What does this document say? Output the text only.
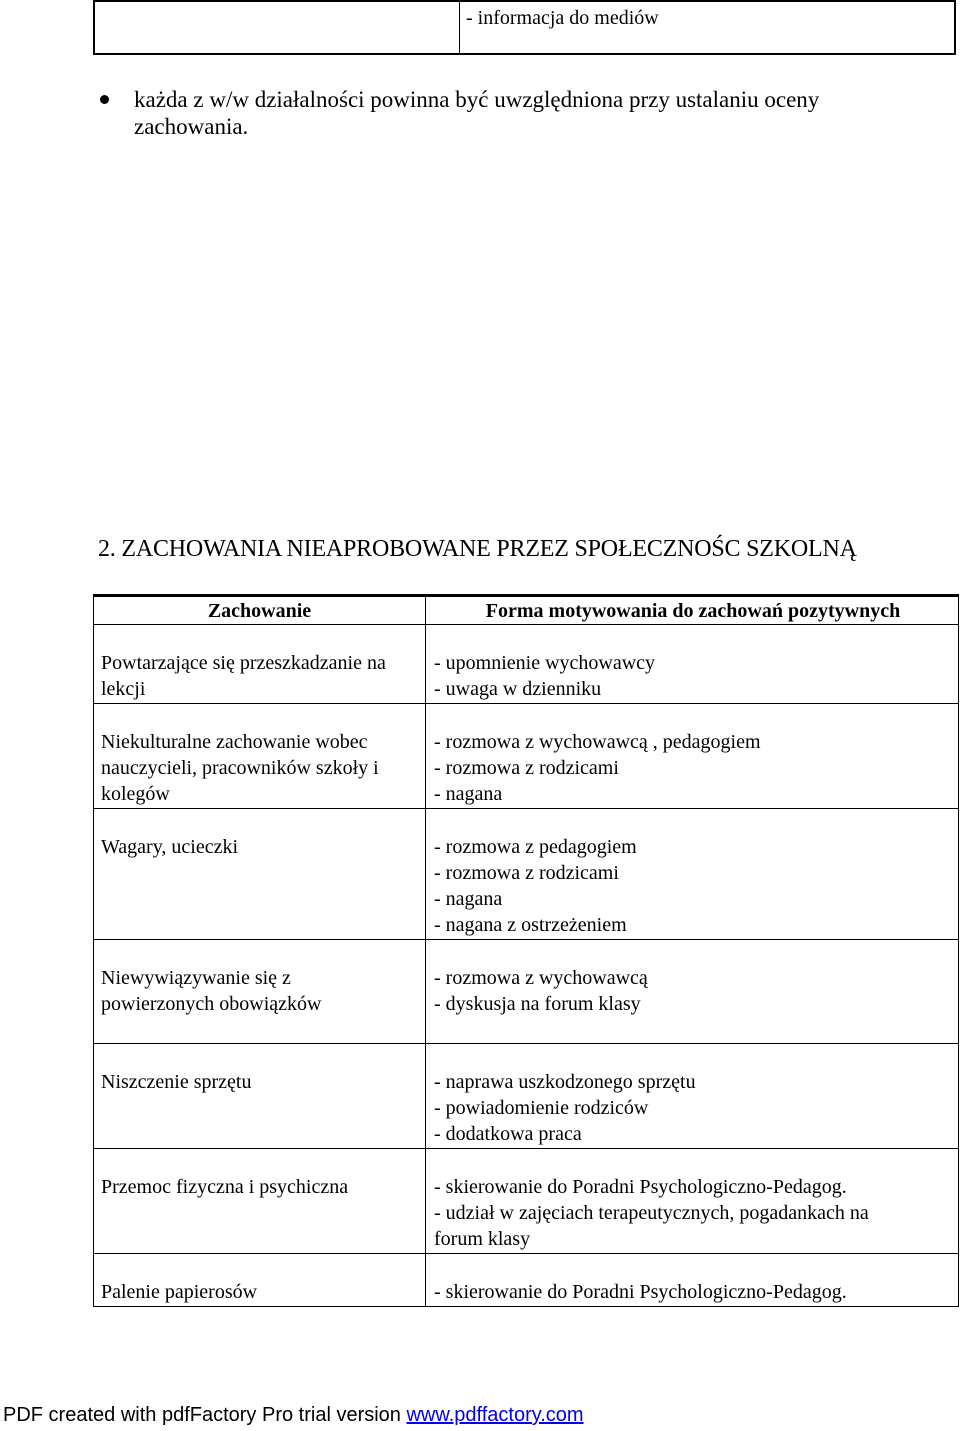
- informacja do mediów
każda z w/w działalności powinna być uwzględniona przy ustalaniu oceny zachowania.
2. ZACHOWANIA NIEAPROBOWANE PRZEZ SPOŁECZNOŚC SZKOLNĄ
Zachowanie	Forma motywowania do zachowań pozytywnych

Powtarzające się przeszkadzanie na
lekcji	- upomnienie wychowawcy
- uwaga w dzienniku

Niekulturalne zachowanie wobec
nauczycieli, pracowników szkoły i
kolegów	- rozmowa z wychowawcą , pedagogiem
- rozmowa z rodzicami
- nagana

Wagary, ucieczki	- rozmowa z pedagogiem
- rozmowa z rodzicami
- nagana
- nagana z ostrzeżeniem

Niewywiązywanie się z
powierzonych obowiązków	- rozmowa z wychowawcą
- dyskusja na forum klasy

Niszczenie sprzętu	- naprawa uszkodzonego sprzętu
- powiadomienie rodziców
- dodatkowa praca

Przemoc fizyczna i psychiczna	- skierowanie do Poradni Psychologiczno-Pedagog.
- udział w zajęciach terapeutycznych, pogadankach na
forum klasy

Palenie papierosów	- skierowanie do Poradni Psychologiczno-Pedagog.
PDF created with pdfFactory Pro trial version www.pdffactory.com
